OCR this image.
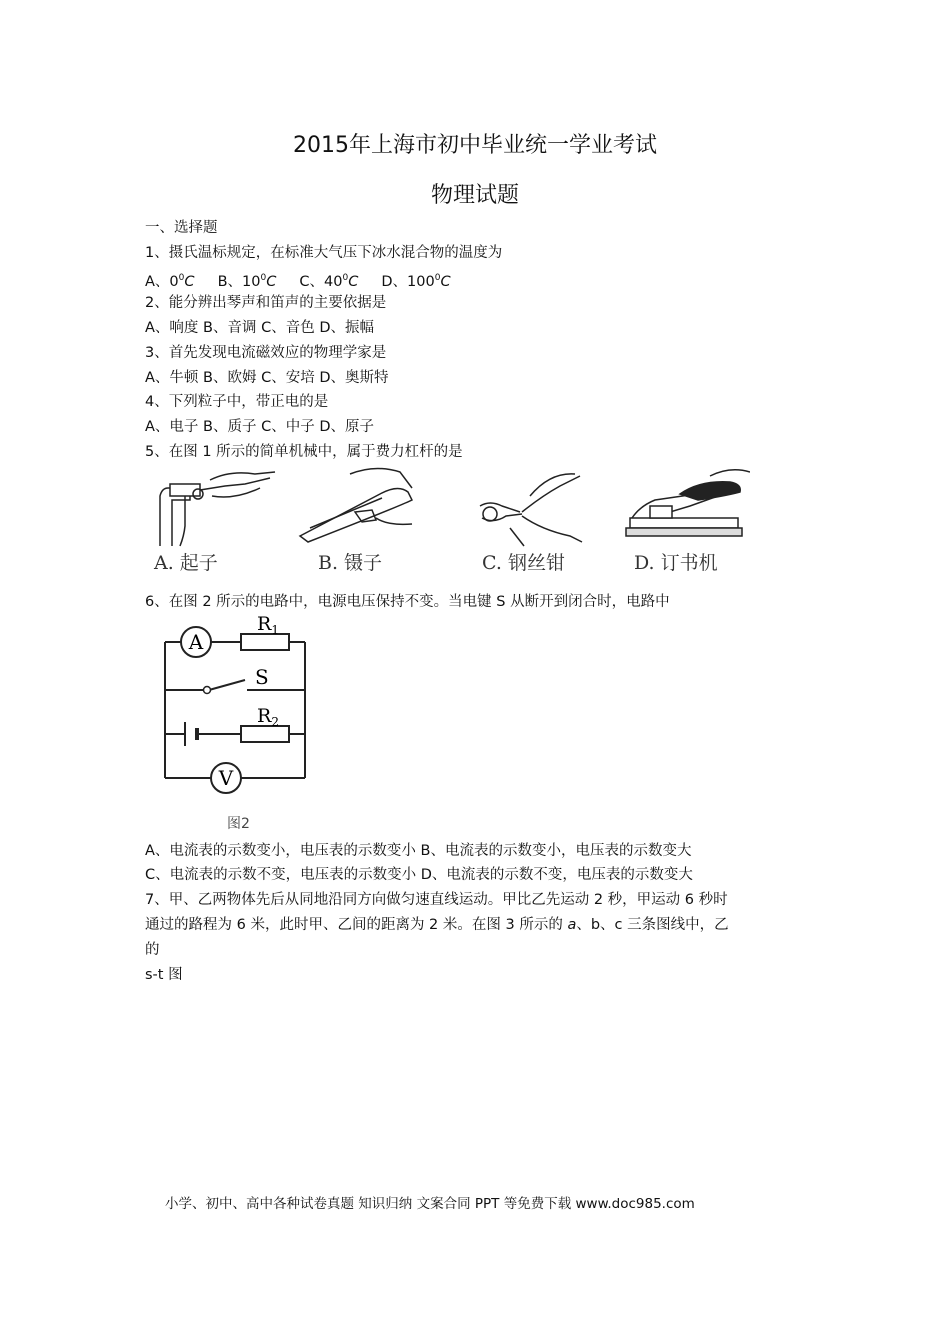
2015年上海市初中毕业统一学业考试
物理试题
一、选择题
1、摄氏温标规定，在标准大气压下冰水混合物的温度为
A、$0^0C$ B、$10^0C$ C、$40^0C$ D、$100^0C$
2、能分辨出琴声和笛声的主要依据是
A、响度 B、音调 C、音色 D、振幅
3、首先发现电流磁效应的物理学家是
A、牛顿 B、欧姆 C、安培 D、奥斯特
4、下列粒子中，带正电的是
A、电子 B、质子 C、中子 D、原子
5、在图 1 所示的简单机械中，属于费力杠杆的是
A. 起子	B. 镊子	C. 钢丝钳	D. 订书机
6、在图 2 所示的电路中，电源电压保持不变。当电键 S 从断开到闭合时，电路中
A
$R_1$
S
$R_2$
V
图2
A、电流表的示数变小，电压表的示数变小 B、电流表的示数变小，电压表的示数变大
C、电流表的示数不变，电压表的示数变小 D、电流表的示数不变，电压表的示数变大
7、甲、乙两物体先后从同地沿同方向做匀速直线运动。甲比乙先运动 2 秒，甲运动 6 秒时
通过的路程为 6 米，此时甲、乙间的距离为 2 米。在图 3 所示的 a、b、c 三条图线中，乙
的
s-t 图
小学、初中、高中各种试卷真题 知识归纳 文案合同 PPT 等免费下载 www.doc985.com
